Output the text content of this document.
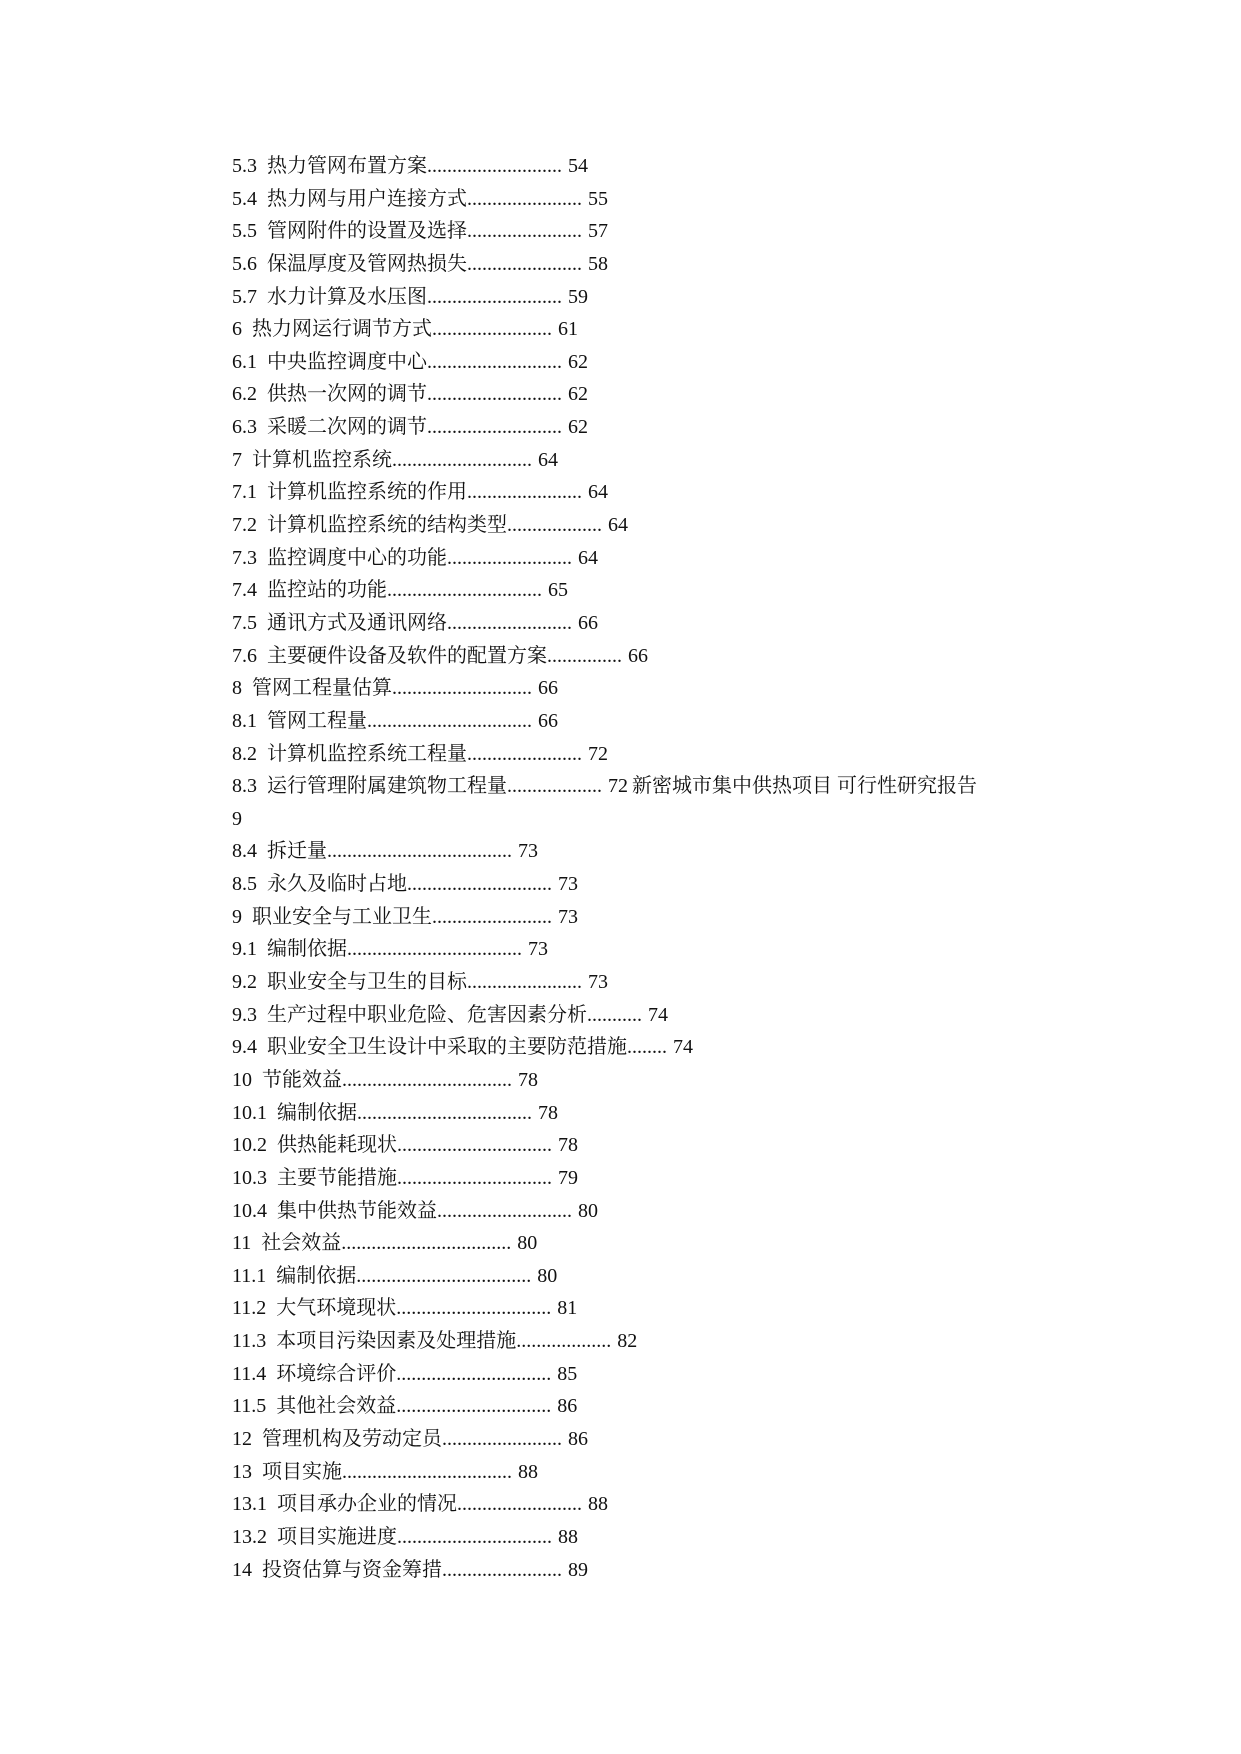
5.3 热力管网布置方案........................... 54
5.4 热力网与用户连接方式....................... 55
5.5 管网附件的设置及选择....................... 57
5.6 保温厚度及管网热损失....................... 58
5.7 水力计算及水压图........................... 59
6 热力网运行调节方式........................ 61
6.1 中央监控调度中心........................... 62
6.2 供热一次网的调节........................... 62
6.3 采暖二次网的调节........................... 62
7 计算机监控系统............................ 64
7.1 计算机监控系统的作用....................... 64
7.2 计算机监控系统的结构类型................... 64
7.3 监控调度中心的功能......................... 64
7.4 监控站的功能............................... 65
7.5 通讯方式及通讯网络......................... 66
7.6 主要硬件设备及软件的配置方案............... 66
8 管网工程量估算............................ 66
8.1 管网工程量................................. 66
8.2 计算机监控系统工程量....................... 72
8.3 运行管理附属建筑物工程量................... 72 新密城市集中供热项目 可行性研究报告
9
8.4 拆迁量..................................... 73
8.5 永久及临时占地............................. 73
9 职业安全与工业卫生........................ 73
9.1 编制依据................................... 73
9.2 职业安全与卫生的目标....................... 73
9.3 生产过程中职业危险、危害因素分析........... 74
9.4 职业安全卫生设计中采取的主要防范措施........ 74
10 节能效益.................................. 78
10.1 编制依据................................... 78
10.2 供热能耗现状............................... 78
10.3 主要节能措施............................... 79
10.4 集中供热节能效益........................... 80
11 社会效益.................................. 80
11.1 编制依据................................... 80
11.2 大气环境现状............................... 81
11.3 本项目污染因素及处理措施................... 82
11.4 环境综合评价............................... 85
11.5 其他社会效益............................... 86
12 管理机构及劳动定员........................ 86
13 项目实施.................................. 88
13.1 项目承办企业的情况......................... 88
13.2 项目实施进度............................... 88
14 投资估算与资金筹措........................ 89
